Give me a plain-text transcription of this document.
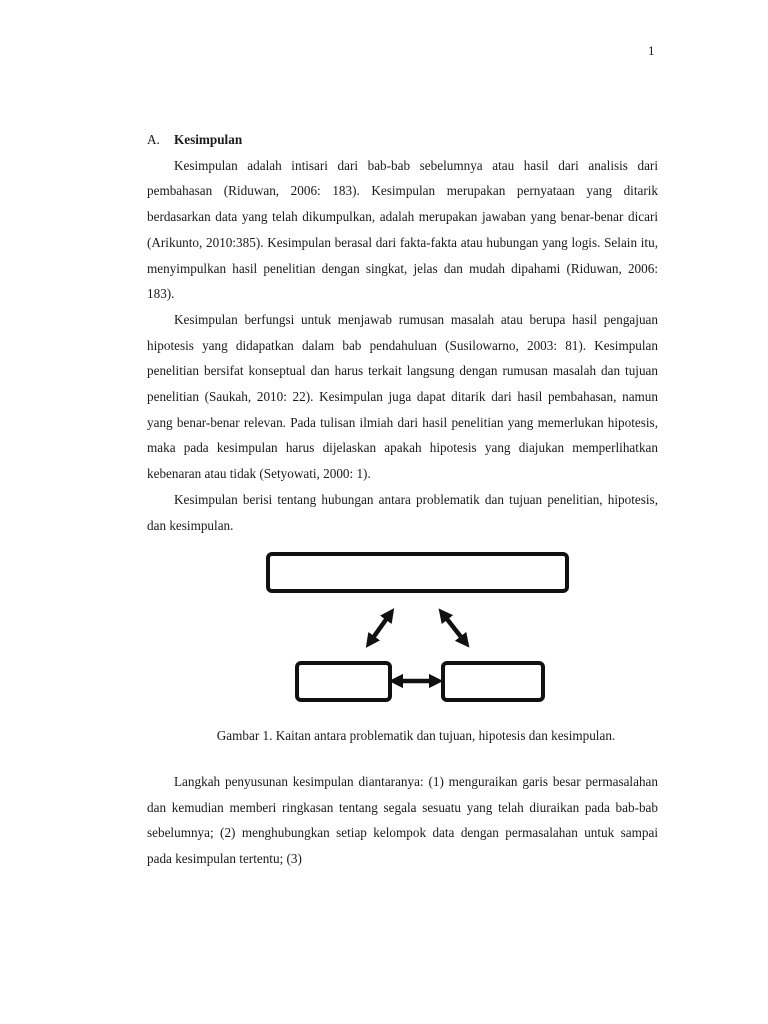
1
A.	Kesimpulan

Kesimpulan adalah intisari dari bab-bab sebelumnya atau hasil dari analisis dari pembahasan (Riduwan, 2006: 183). Kesimpulan merupakan pernyataan yang ditarik berdasarkan data yang telah dikumpulkan, adalah merupakan jawaban yang benar-benar dicari (Arikunto, 2010:385). Kesimpulan berasal dari fakta-fakta atau hubungan yang logis. Selain itu, menyimpulkan hasil penelitian dengan singkat, jelas dan mudah dipahami (Riduwan, 2006: 183).

Kesimpulan berfungsi untuk menjawab rumusan masalah atau berupa hasil pengajuan hipotesis yang didapatkan dalam bab pendahuluan (Susilowarno, 2003: 81). Kesimpulan penelitian bersifat konseptual dan harus terkait langsung dengan rumusan masalah dan tujuan penelitian (Saukah, 2010: 22). Kesimpulan juga dapat ditarik dari hasil pembahasan, namun yang benar-benar relevan. Pada tulisan ilmiah dari hasil penelitian yang memerlukan hipotesis, maka pada kesimpulan harus dijelaskan apakah hipotesis yang diajukan memperlihatkan kebenaran atau tidak (Setyowati, 2000: 1).

Kesimpulan berisi tentang hubungan antara problematik dan tujuan penelitian, hipotesis, dan kesimpulan.

Gambar 1. Kaitan antara problematik dan tujuan, hipotesis dan kesimpulan.

Langkah penyusunan kesimpulan diantaranya: (1) menguraikan garis besar permasalahan dan kemudian memberi ringkasan tentang segala sesuatu yang telah diuraikan pada bab-bab sebelumnya; (2) menghubungkan setiap kelompok data dengan permasalahan untuk sampai pada kesimpulan tertentu; (3)
